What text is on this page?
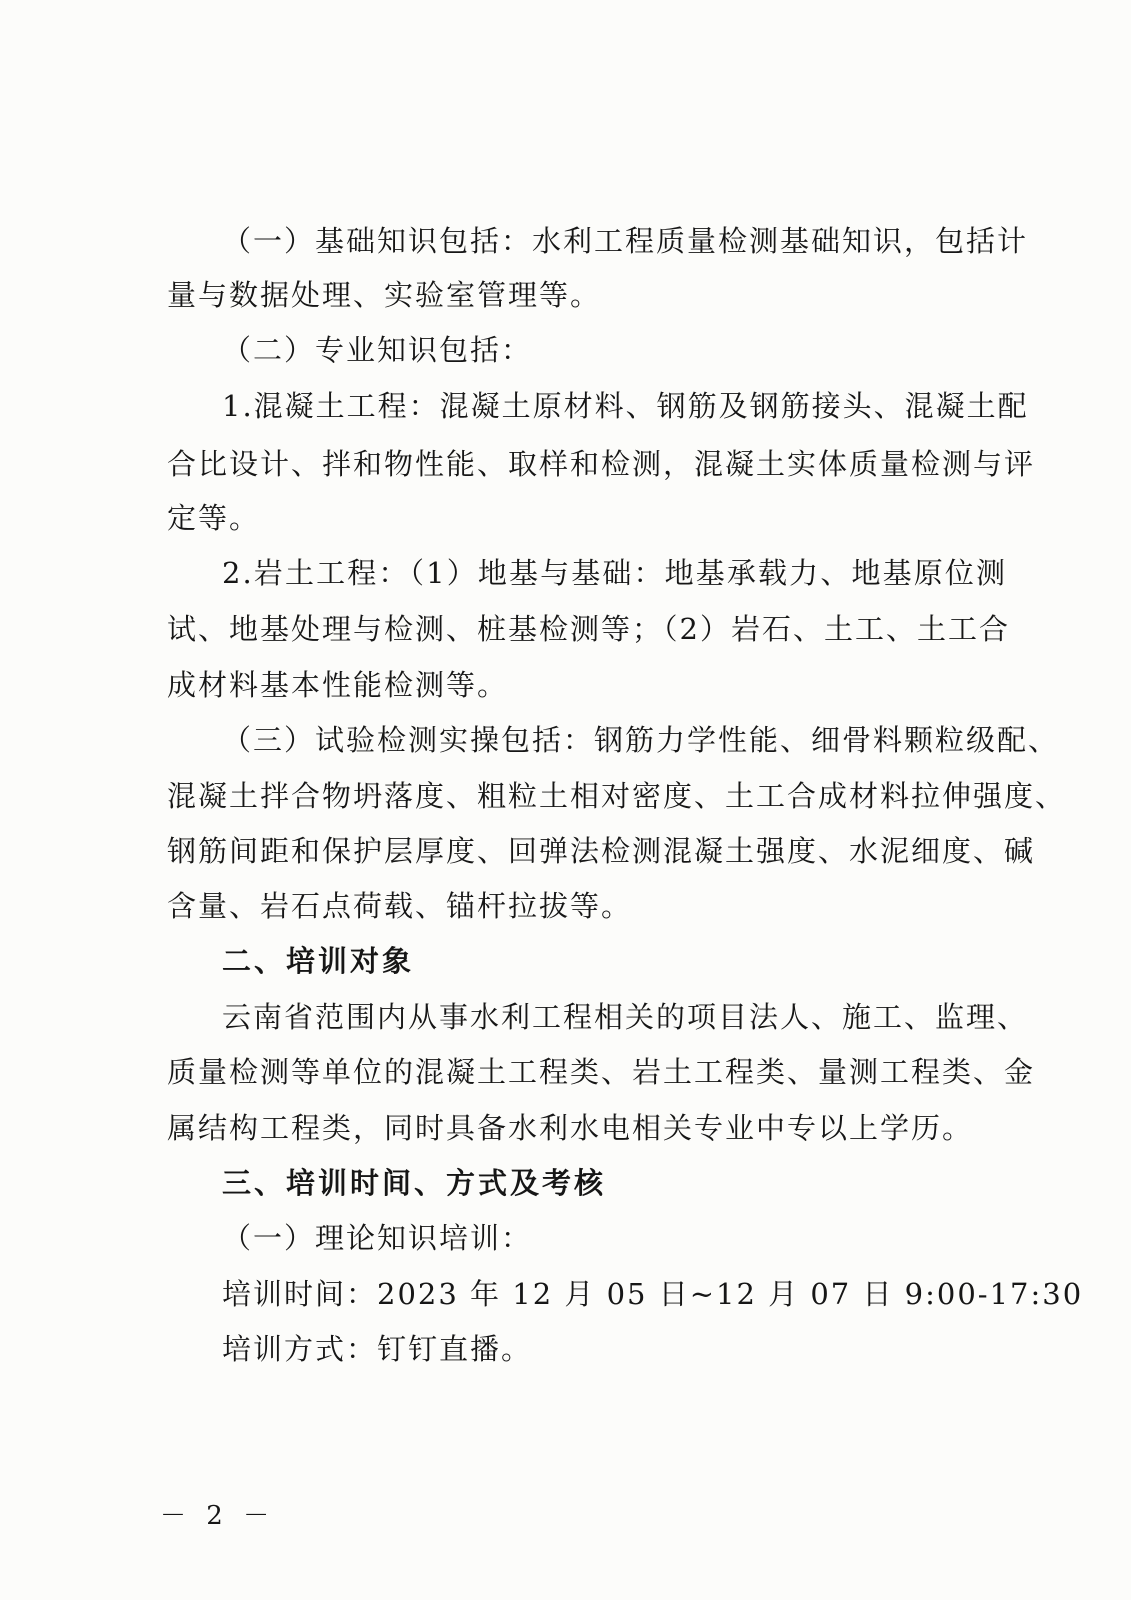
（一）基础知识包括：水利工程质量检测基础知识，包括计
量与数据处理、实验室管理等。
（二）专业知识包括：
1.混凝土工程：混凝土原材料、钢筋及钢筋接头、混凝土配
合比设计、拌和物性能、取样和检测，混凝土实体质量检测与评
定等。
2.岩土工程：（1）地基与基础：地基承载力、地基原位测
试、地基处理与检测、桩基检测等；（2）岩石、土工、土工合
成材料基本性能检测等。
（三）试验检测实操包括：钢筋力学性能、细骨料颗粒级配、
混凝土拌合物坍落度、粗粒土相对密度、土工合成材料拉伸强度、
钢筋间距和保护层厚度、回弹法检测混凝土强度、水泥细度、碱
含量、岩石点荷载、锚杆拉拔等。
二、培训对象
云南省范围内从事水利工程相关的项目法人、施工、监理、
质量检测等单位的混凝土工程类、岩土工程类、量测工程类、金
属结构工程类，同时具备水利水电相关专业中专以上学历。
三、培训时间、方式及考核
（一）理论知识培训：
培训时间：2023 年 12 月 05 日~12 月 07 日 9:00-17:30
培训方式：钉钉直播。
－ 2 －
